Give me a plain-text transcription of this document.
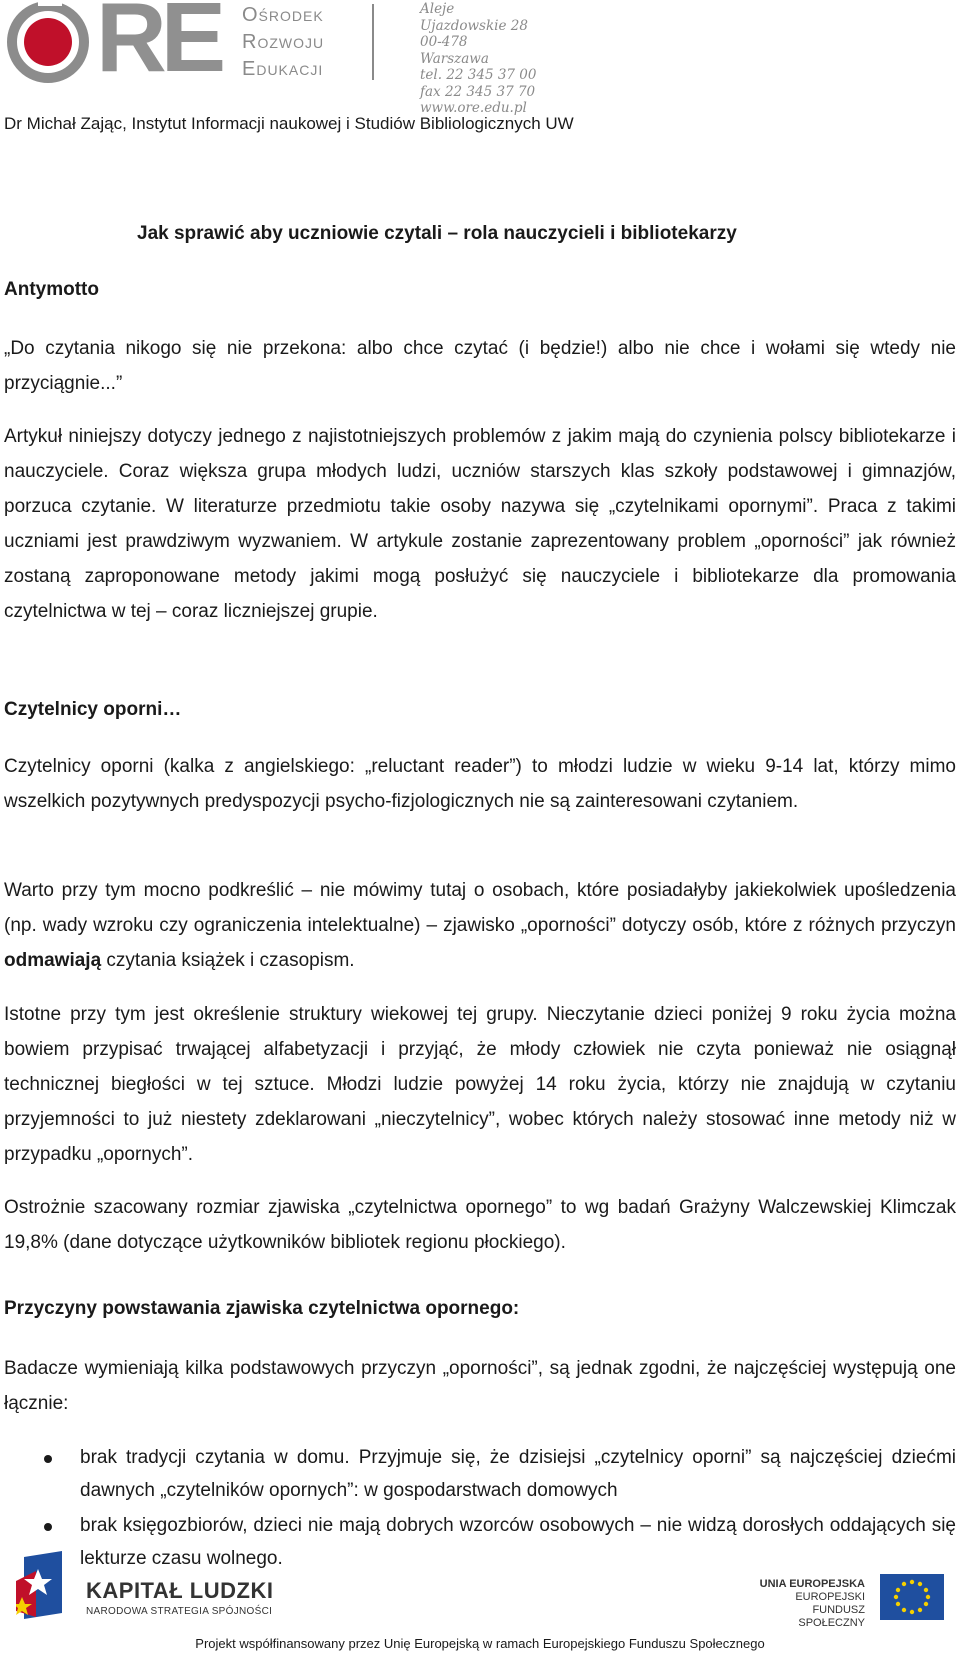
RE Ośrodek
Rozwoju
Edukacji
Aleje Ujazdowskie 28
00-478 Warszawa
tel. 22 345 37 00
fax 22 345 37 70
www.ore.edu.pl
Dr Michał Zając, Instytut Informacji naukowej i Studiów Bibliologicznych UW
Jak sprawić aby uczniowie czytali – rola nauczycieli i bibliotekarzy
Antymotto
„Do czytania nikogo się nie przekona: albo chce czytać (i będzie!) albo nie chce i wołami się wtedy nie przyciągnie...”
Artykuł niniejszy dotyczy jednego z najistotniejszych problemów z jakim mają do czynienia polscy bibliotekarze i nauczyciele. Coraz większa grupa młodych ludzi, uczniów starszych klas szkoły podstawowej i gimnazjów, porzuca czytanie. W literaturze przedmiotu takie osoby nazywa się „czytelnikami opornymi”. Praca z takimi uczniami jest prawdziwym wyzwaniem. W artykule zostanie zaprezentowany problem „oporności” jak również zostaną zaproponowane metody jakimi mogą posłużyć się nauczyciele i bibliotekarze dla promowania czytelnictwa w tej – coraz liczniejszej grupie.
Czytelnicy oporni…
Czytelnicy oporni (kalka z angielskiego: „reluctant reader”) to młodzi ludzie w wieku 9-14 lat, którzy mimo wszelkich pozytywnych predyspozycji psycho-fizjologicznych nie są zainteresowani czytaniem.
Warto przy tym mocno podkreślić – nie mówimy tutaj o osobach, które posiadałyby jakiekolwiek upośledzenia (np. wady wzroku czy ograniczenia intelektualne) – zjawisko „oporności” dotyczy osób, które z różnych przyczyn odmawiają czytania książek i czasopism.
Istotne przy tym jest określenie struktury wiekowej tej grupy. Nieczytanie dzieci poniżej 9 roku życia można bowiem przypisać trwającej alfabetyzacji i przyjąć, że młody człowiek nie czyta ponieważ nie osiągnął technicznej biegłości w tej sztuce. Młodzi ludzie powyżej 14 roku życia, którzy nie znajdują w czytaniu przyjemności to już niestety zdeklarowani „nieczytelnicy”, wobec których należy stosować inne metody niż w przypadku „opornych”.
Ostrożnie szacowany rozmiar zjawiska „czytelnictwa opornego” to wg badań Grażyny Walczewskiej Klimczak 19,8% (dane dotyczące użytkowników bibliotek regionu płockiego).
Przyczyny powstawania zjawiska czytelnictwa opornego:
Badacze wymieniają kilka podstawowych przyczyn „oporności”, są jednak zgodni, że najczęściej występują one łącznie:
brak tradycji czytania w domu. Przyjmuje się, że dzisiejsi „czytelnicy oporni” są najczęściej dziećmi dawnych „czytelników opornych”: w gospodarstwach domowych
brak księgozbiorów, dzieci nie mają dobrych wzorców osobowych – nie widzą dorosłych oddających się lekturze czasu wolnego.
KAPITAŁ LUDZKI
NARODOWA STRATEGIA SPÓJNOŚCI
UNIA EUROPEJSKA
EUROPEJSKI
FUNDUSZ SPOŁECZNY
Projekt współfinansowany przez Unię Europejską w ramach Europejskiego Funduszu Społecznego
